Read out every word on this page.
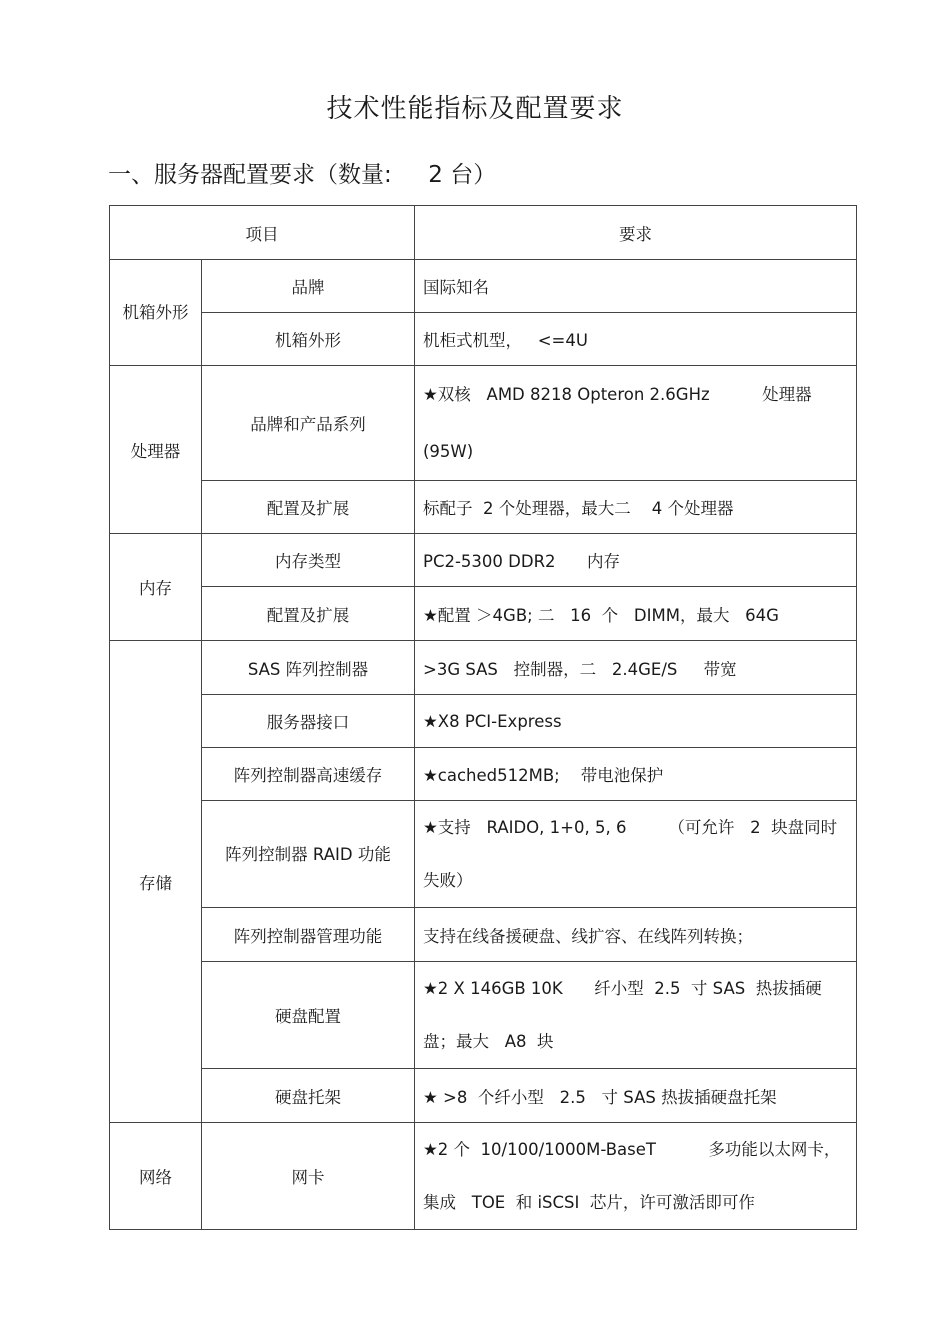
技术性能指标及配置要求
一、服务器配置要求（数量:     2 台）
项目		要求
机箱外形	品牌	国际知名
	机箱外形	机柜式机型，   <=4U
处理器	品牌和产品系列	★双核   AMD 8218 Opteron 2.6GHz          处理器(95W)
	配置及扩展	标配子  2 个处理器，最大二    4 个处理器
内存	内存类型	PC2-5300 DDR2      内存
	配置及扩展	★配置 ＞4GB; 二   16  个   DIMM，最大   64G
存储	SAS 阵列控制器	>3G SAS   控制器，二   2.4GE/S     带宽
	服务器接口	★X8 PCI-Express
	阵列控制器高速缓存	★cached512MB;    带电池保护
	阵列控制器 RAID 功能	★支持   RAIDO, 1+0, 5, 6        （可允许   2  块盘同时失败）
	阵列控制器管理功能	支持在线备援硬盘、线扩容、在线阵列转换；
	硬盘配置	★2 X 146GB 10K      纤小型  2.5  寸 SAS  热拔插硬盘；最大   A8  块
	硬盘托架	★ >8  个纤小型   2.5   寸 SAS 热拔插硬盘托架
网络	网卡	★2 个  10/100/1000M-BaseT          多功能以太网卡，集成   TOE  和 iSCSI  芯片，许可激活即可作
